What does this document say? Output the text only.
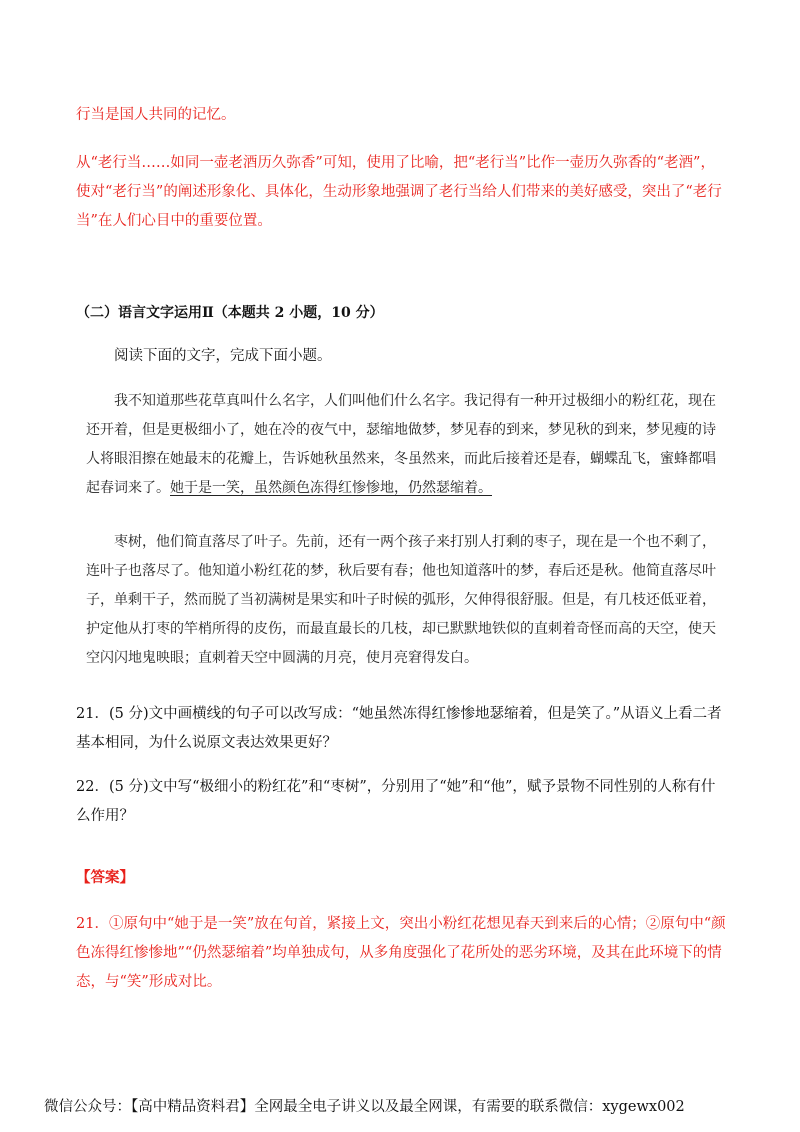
行当是国人共同的记忆。

从“老行当……如同一壶老酒历久弥香”可知，使用了比喻，把“老行当”比作一壶历久弥香的“老酒”，使对“老行当”的阐述形象化、具体化，生动形象地强调了老行当给人们带来的美好感受，突出了“老行当”在人们心目中的重要位置。

（二）语言文字运用Ⅱ（本题共 2 小题，10 分）

阅读下面的文字，完成下面小题。

我不知道那些花草真叫什么名字，人们叫他们什么名字。我记得有一种开过极细小的粉红花，现在还开着，但是更极细小了，她在冷的夜气中，瑟缩地做梦，梦见春的到来，梦见秋的到来，梦见瘦的诗人将眼泪擦在她最末的花瓣上，告诉她秋虽然来，冬虽然来，而此后接着还是春，蝴蝶乱飞，蜜蜂都唱起春词来了。她于是一笑，虽然颜色冻得红惨惨地，仍然瑟缩着。

枣树，他们简直落尽了叶子。先前，还有一两个孩子来打别人打剩的枣子，现在是一个也不剩了，连叶子也落尽了。他知道小粉红花的梦，秋后要有春；他也知道落叶的梦，春后还是秋。他简直落尽叶子，单剩干子，然而脱了当初满树是果实和叶子时候的弧形，欠伸得很舒服。但是，有几枝还低亚着，护定他从打枣的竿梢所得的皮伤，而最直最长的几枝，却已默默地铁似的直刺着奇怪而高的天空，使天空闪闪地鬼映眼；直刺着天空中圆满的月亮，使月亮窘得发白。

21．(5 分)文中画横线的句子可以改写成：“她虽然冻得红惨惨地瑟缩着，但是笑了。”从语义上看二者基本相同，为什么说原文表达效果更好？

22．(5 分)文中写“极细小的粉红花”和“枣树”，分别用了“她”和“他”，赋予景物不同性别的人称有什么作用？

【答案】

21．①原句中“她于是一笑”放在句首，紧接上文，突出小粉红花想见春天到来后的心情；②原句中“颜色冻得红惨惨地”“仍然瑟缩着”均单独成句，从多角度强化了花所处的恶劣环境，及其在此环境下的情态，与“笑”形成对比。

微信公众号：【高中精品资料君】全网最全电子讲义以及最全网课，有需要的联系微信：xygewx002
